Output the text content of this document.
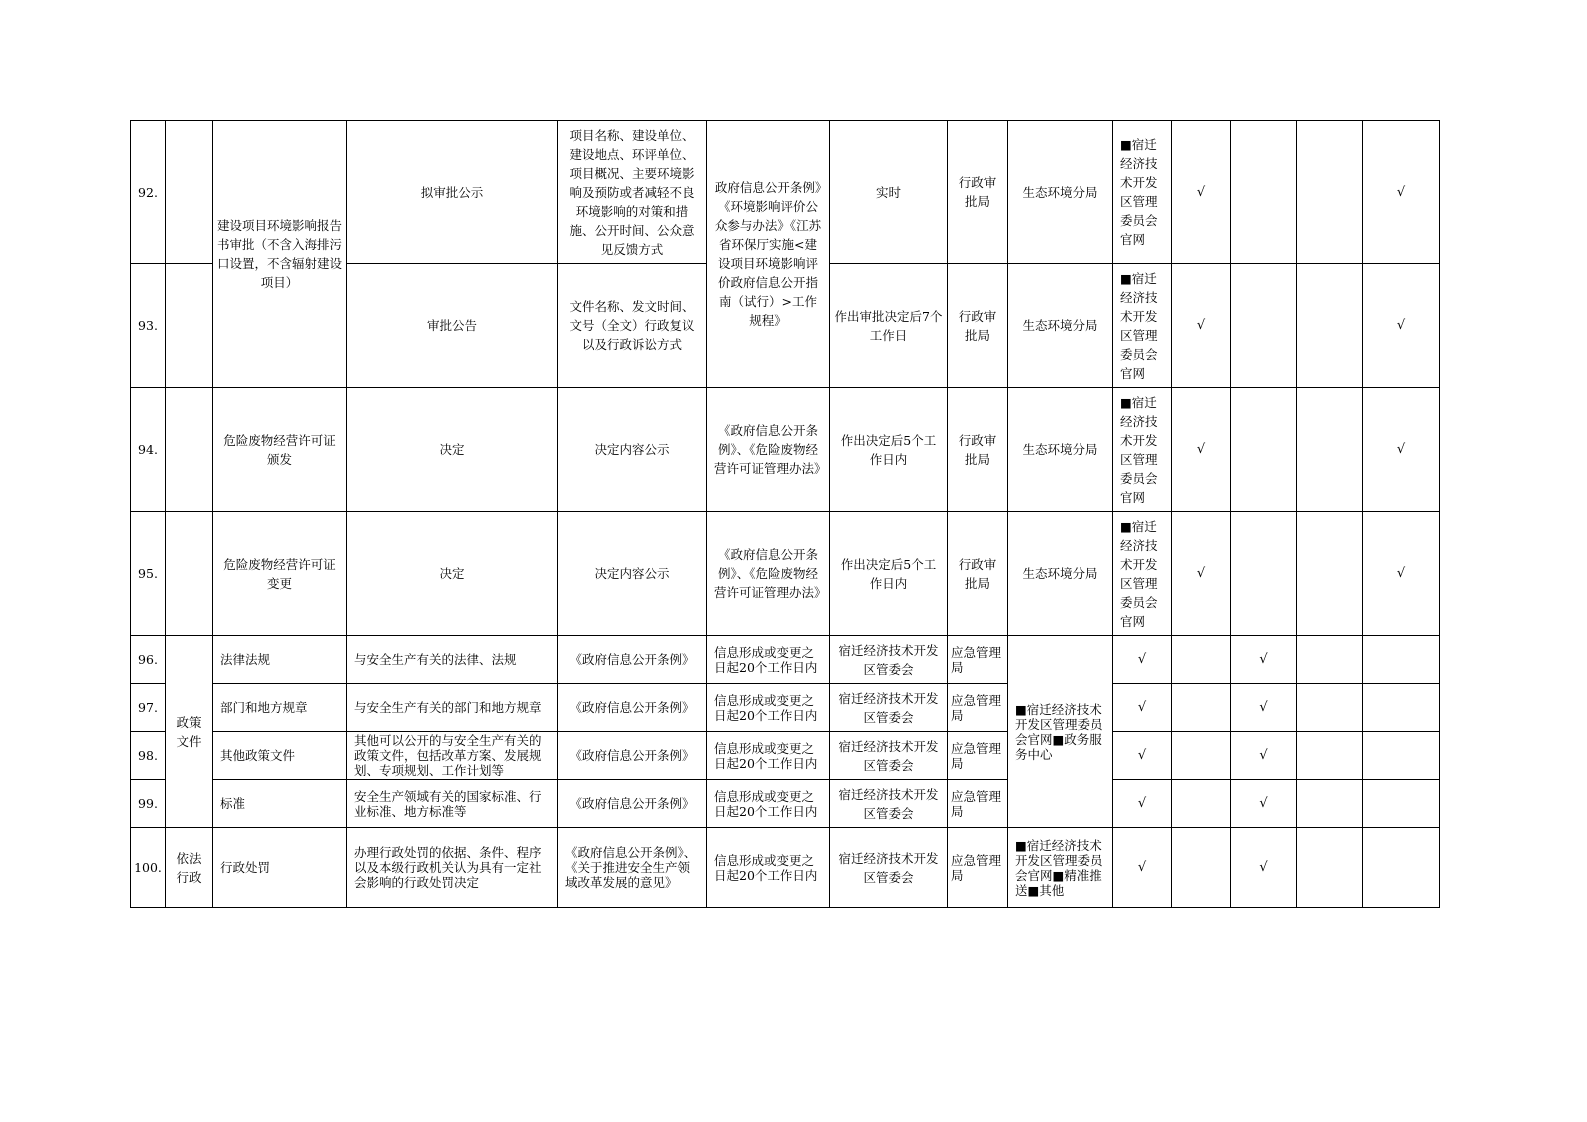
92.		建设项目环境影响报告书审批（不含入海排污口设置，不含辐射建设项目）	拟审批公示	项目名称、建设单位、建设地点、环评单位、项目概况、主要环境影响及预防或者减轻不良环境影响的对策和措施、公开时间、公众意见反馈方式	政府信息公开条例》《环境影响评价公众参与办法》《江苏省环保厅实施<建设项目环境影响评价政府信息公开指南（试行）>工作规程》	实时	行政审批局	生态环境分局	■宿迁经济技术开发区管理委员会官网	√			√
93.			审批公告	文件名称、发文时间、文号（全文）行政复议以及行政诉讼方式		作出审批决定后7个工作日	行政审批局	生态环境分局	■宿迁经济技术开发区管理委员会官网	√			√
94.		危险废物经营许可证颁发	决定	决定内容公示	《政府信息公开条例》、《危险废物经营许可证管理办法》	作出决定后5个工作日内	行政审批局	生态环境分局	■宿迁经济技术开发区管理委员会官网	√			√
95.		危险废物经营许可证变更	决定	决定内容公示	《政府信息公开条例》、《危险废物经营许可证管理办法》	作出决定后5个工作日内	行政审批局	生态环境分局	■宿迁经济技术开发区管理委员会官网	√			√
96.	政策文件	法律法规	与安全生产有关的法律、法规	《政府信息公开条例》	信息形成或变更之日起20个工作日内	宿迁经济技术开发区管委会	应急管理局	■宿迁经济技术开发区管理委员会官网■政务服务中心	√		√		
97.		部门和地方规章	与安全生产有关的部门和地方规章	《政府信息公开条例》	信息形成或变更之日起20个工作日内	宿迁经济技术开发区管委会	应急管理局		√		√		
98.		其他政策文件	其他可以公开的与安全生产有关的政策文件，包括改革方案、发展规划、专项规划、工作计划等	《政府信息公开条例》	信息形成或变更之日起20个工作日内	宿迁经济技术开发区管委会	应急管理局		√		√		
99.		标准	安全生产领域有关的国家标准、行业标准、地方标准等	《政府信息公开条例》	信息形成或变更之日起20个工作日内	宿迁经济技术开发区管委会	应急管理局		√		√		
100.	依法行政	行政处罚	办理行政处罚的依据、条件、程序以及本级行政机关认为具有一定社会影响的行政处罚决定	《政府信息公开条例》、《关于推进安全生产领域改革发展的意见》	信息形成或变更之日起20个工作日内	宿迁经济技术开发区管委会	应急管理局	■宿迁经济技术开发区管理委员会官网■精准推送■其他	√		√		
